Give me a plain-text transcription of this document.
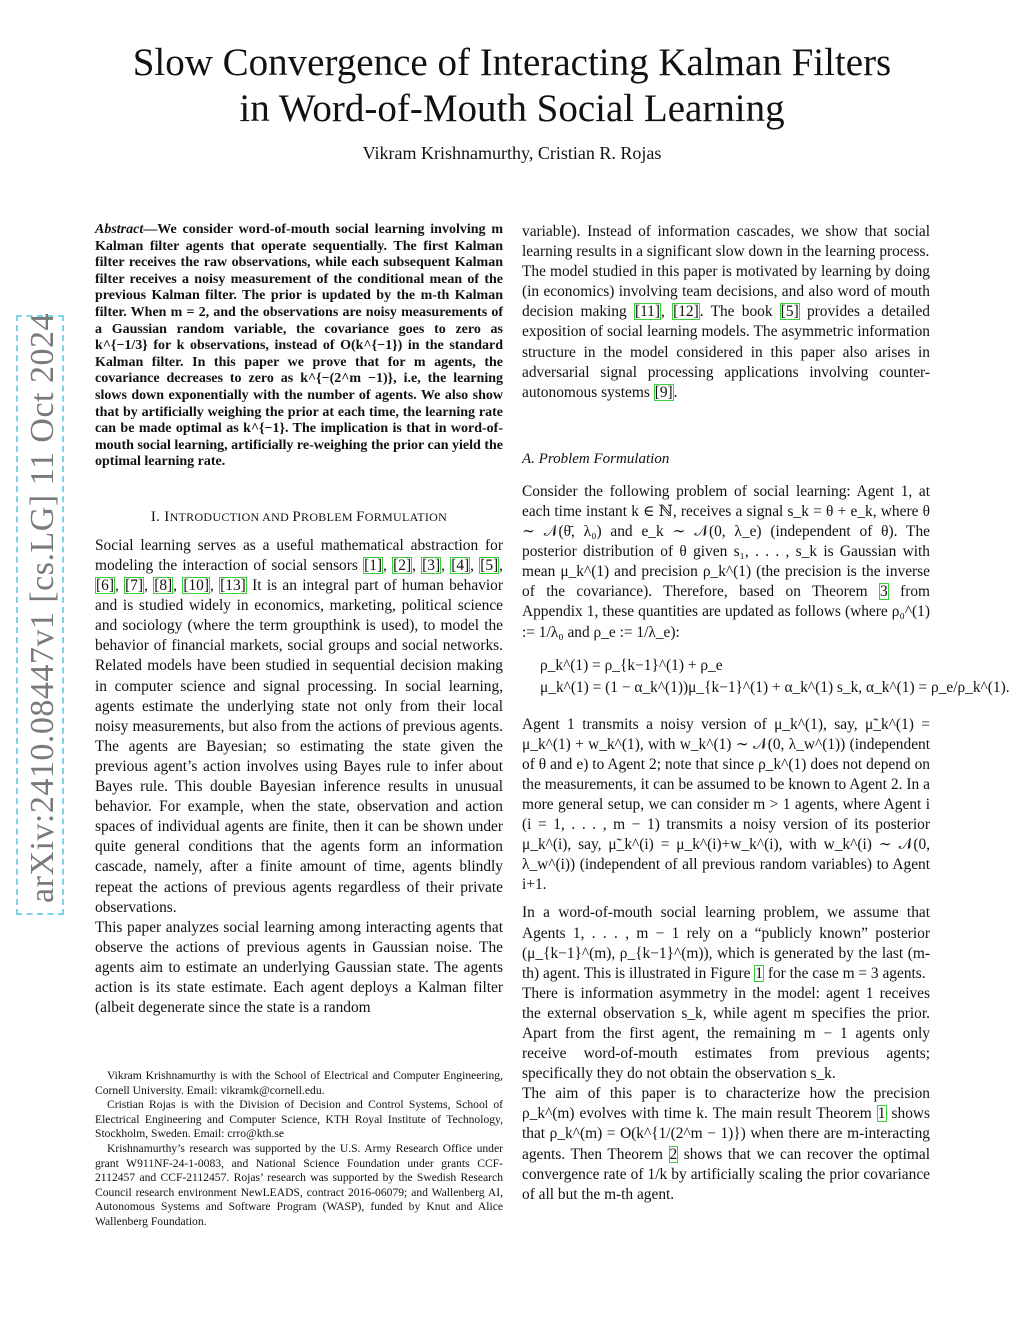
Slow Convergence of Interacting Kalman Filters
in Word-of-Mouth Social Learning
Vikram Krishnamurthy, Cristian R. Rojas
arXiv:2410.08447v1 [cs.LG] 11 Oct 2024

Abstract—We consider word-of-mouth social learning involving m Kalman filter agents that operate sequentially. The first Kalman filter receives the raw observations, while each subsequent Kalman filter receives a noisy measurement of the conditional mean of the previous Kalman filter. The prior is updated by the m-th Kalman filter. When m = 2, and the observations are noisy measurements of a Gaussian random variable, the covariance goes to zero as k^{−1/3} for k observations, instead of O(k^{−1}) in the standard Kalman filter. In this paper we prove that for m agents, the covariance decreases to zero as k^{−(2^m −1)}, i.e, the learning slows down exponentially with the number of agents. We also show that by artificially weighing the prior at each time, the learning rate can be made optimal as k^{−1}. The implication is that in word-of-mouth social learning, artificially re-weighing the prior can yield the optimal learning rate.

I. INTRODUCTION AND PROBLEM FORMULATION

Social learning serves as a useful mathematical abstraction for modeling the interaction of social sensors [1], [2], [3], [4], [5], [6], [7], [8], [10], [13] It is an integral part of human behavior and is studied widely in economics, marketing, political science and sociology (where the term groupthink is used), to model the behavior of financial markets, social groups and social networks. Related models have been studied in sequential decision making in computer science and signal processing. In social learning, agents estimate the underlying state not only from their local noisy measurements, but also from the actions of previous agents. The agents are Bayesian; so estimating the state given the previous agent’s action involves using Bayes rule to infer about Bayes rule. This double Bayesian inference results in unusual behavior. For example, when the state, observation and action spaces of individual agents are finite, then it can be shown under quite general conditions that the agents form an information cascade, namely, after a finite amount of time, agents blindly repeat the actions of previous agents regardless of their private observations.

This paper analyzes social learning among interacting agents that observe the actions of previous agents in Gaussian noise. The agents aim to estimate an underlying Gaussian state. The agents action is its state estimate. Each agent deploys a Kalman filter (albeit degenerate since the state is a random

Vikram Krishnamurthy is with the School of Electrical and Computer Engineering, Cornell University. Email: vikramk@cornell.edu.

Cristian Rojas is with the Division of Decision and Control Systems, School of Electrical Engineering and Computer Science, KTH Royal Institute of Technology, Stockholm, Sweden. Email: crro@kth.se

Krishnamurthy’s research was supported by the U.S. Army Research Office under grant W911NF-24-1-0083, and National Science Foundation under grants CCF-2112457 and CCF-2112457. Rojas’ research was supported by the Swedish Research Council research environment NewLEADS, contract 2016-06079; and Wallenberg AI, Autonomous Systems and Software Program (WASP), funded by Knut and Alice Wallenberg Foundation.

variable). Instead of information cascades, we show that social learning results in a significant slow down in the learning process.

The model studied in this paper is motivated by learning by doing (in economics) involving team decisions, and also word of mouth decision making [11], [12]. The book [5] provides a detailed exposition of social learning models. The asymmetric information structure in the model considered in this paper also arises in adversarial signal processing applications involving counter-autonomous systems [9].

A. Problem Formulation

Consider the following problem of social learning: Agent 1, at each time instant k ∈ ℕ, receives a signal s_k = θ + e_k, where θ ∼ 𝒩(θ̄, λ₀) and e_k ∼ 𝒩(0, λ_e) (independent of θ). The posterior distribution of θ given s₁, . . . , s_k is Gaussian with mean μ_k^(1) and precision ρ_k^(1) (the precision is the inverse of the covariance). Therefore, based on Theorem 3 from Appendix 1, these quantities are updated as follows (where ρ₀^(1) := 1/λ₀ and ρ_e := 1/λ_e):

ρ_k^(1) = ρ_{k−1}^(1) + ρ_e
μ_k^(1) = (1 − α_k^(1))μ_{k−1}^(1) + α_k^(1) s_k, α_k^(1) = ρ_e/ρ_k^(1).

Agent 1 transmits a noisy version of μ_k^(1), say, μ̃_k^(1) = μ_k^(1) + w_k^(1), with w_k^(1) ∼ 𝒩(0, λ_w^(1)) (independent of θ and e) to Agent 2; note that since ρ_k^(1) does not depend on the measurements, it can be assumed to be known to Agent 2. In a more general setup, we can consider m > 1 agents, where Agent i (i = 1, . . . , m − 1) transmits a noisy version of its posterior μ_k^(i), say, μ̃_k^(i) = μ_k^(i)+w_k^(i), with w_k^(i) ∼ 𝒩(0, λ_w^(i)) (independent of all previous random variables) to Agent i+1.

In a word-of-mouth social learning problem, we assume that Agents 1, . . . , m − 1 rely on a “publicly known” posterior (μ_{k−1}^(m), ρ_{k−1}^(m)), which is generated by the last (m-th) agent. This is illustrated in Figure 1 for the case m = 3 agents.

There is information asymmetry in the model: agent 1 receives the external observation s_k, while agent m specifies the prior. Apart from the first agent, the remaining m − 1 agents only receive word-of-mouth estimates from previous agents; specifically they do not obtain the observation s_k.

The aim of this paper is to characterize how the precision ρ_k^(m) evolves with time k. The main result Theorem 1 shows that ρ_k^(m) = O(k^{1/(2^m − 1)}) when there are m-interacting agents. Then Theorem 2 shows that we can recover the optimal convergence rate of 1/k by artificially scaling the prior covariance of all but the m-th agent.
